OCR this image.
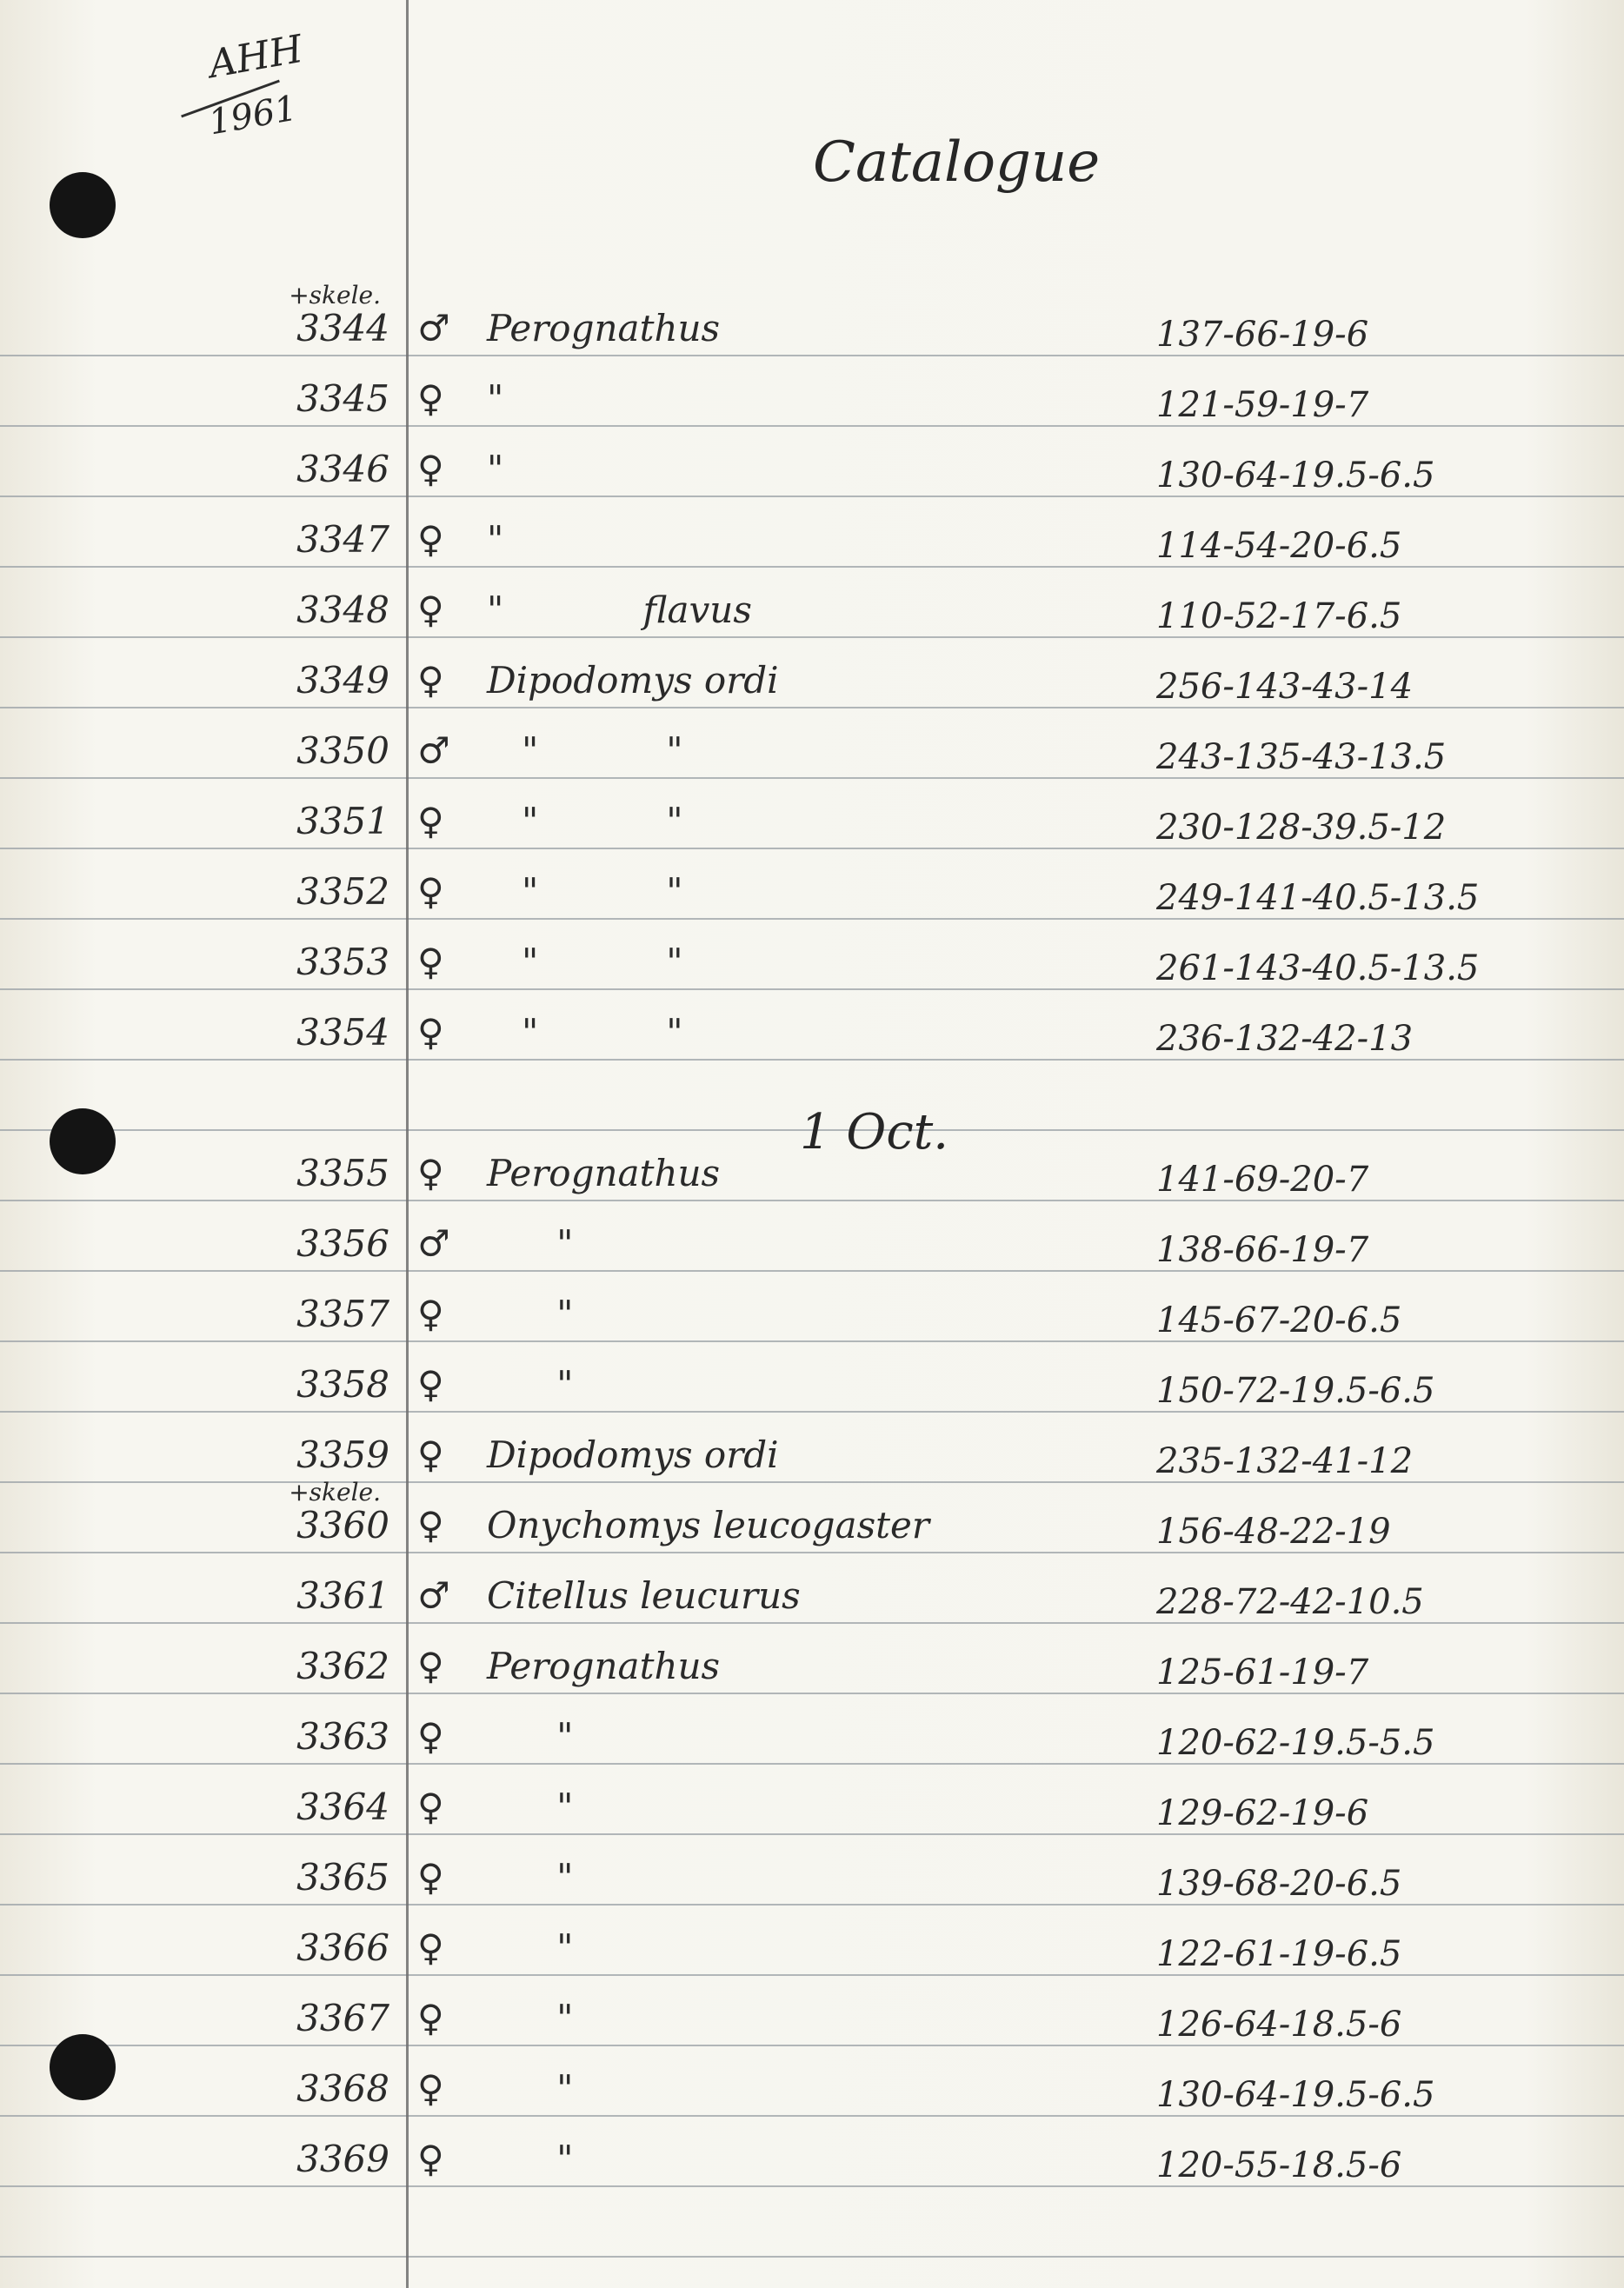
AHH
1961
Catalogue
1 Oct.
+skele.
3344 ♂ Perognathus	137-66-19-6
3345 ♀ "	121-59-19-7
3346 ♀ "	130-64-19.5-6.5
3347 ♀ "	114-54-20-6.5
3348 ♀ "            flavus	110-52-17-6.5
3349 ♀ Dipodomys ordi	256-143-43-14
3350 ♂ "           "	243-135-43-13.5
3351 ♀ "           "	230-128-39.5-12
3352 ♀ "           "	249-141-40.5-13.5
3353 ♀ "           "	261-143-40.5-13.5
3354 ♀ "           "	236-132-42-13
3355 ♀ Perognathus	141-69-20-7
3356 ♂ "	138-66-19-7
3357 ♀ "	145-67-20-6.5
3358 ♀ "	150-72-19.5-6.5
3359 ♀ Dipodomys ordi	235-132-41-12
+skele.
3360 ♀ Onychomys leucogaster	156-48-22-19
3361 ♂ Citellus leucurus	228-72-42-10.5
3362 ♀ Perognathus	125-61-19-7
3363 ♀ "	120-62-19.5-5.5
3364 ♀ "	129-62-19-6
3365 ♀ "	139-68-20-6.5
3366 ♀ "	122-61-19-6.5
3367 ♀ "	126-64-18.5-6
3368 ♀ "	130-64-19.5-6.5
3369 ♀ "	120-55-18.5-6
